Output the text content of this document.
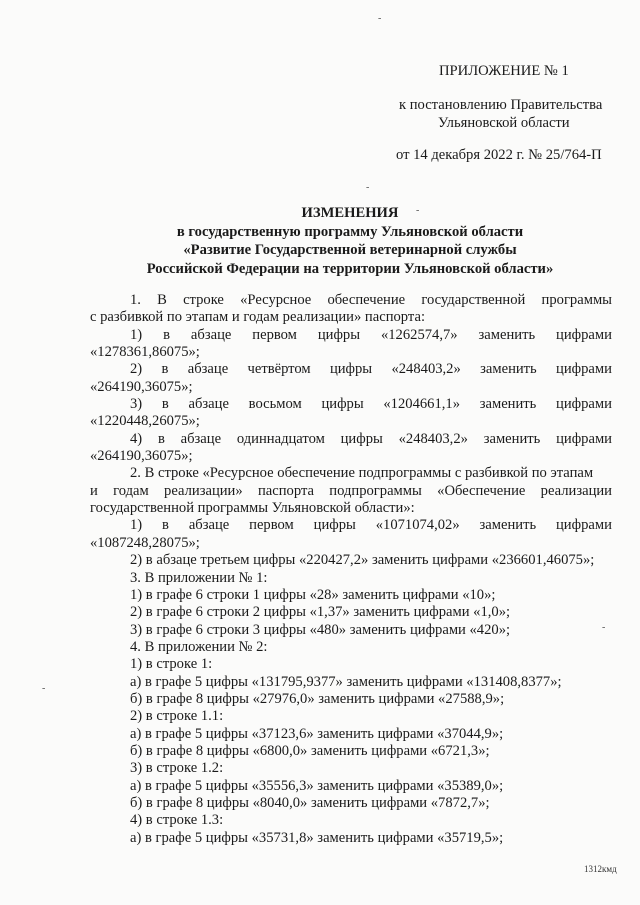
-
-
-
-
-
ПРИЛОЖЕНИЕ № 1
к постановлению Правительства
Ульяновской области
от 14 декабря 2022 г. № 25/764-П
ИЗМЕНЕНИЯ
в государственную программу Ульяновской области
«Развитие Государственной ветеринарной службы
Российской Федерации на территории Ульяновской области»
1. В строке «Ресурсное обеспечение государственной программы
с разбивкой по этапам и годам реализации» паспорта:
1) в абзаце первом цифры «1262574,7» заменить цифрами
«1278361,86075»;
2) в абзаце четвёртом цифры «248403,2» заменить цифрами
«264190,36075»;
3) в абзаце восьмом цифры «1204661,1» заменить цифрами
«1220448,26075»;
4) в абзаце одиннадцатом цифры «248403,2» заменить цифрами
«264190,36075»;
2. В строке «Ресурсное обеспечение подпрограммы с разбивкой по этапам
и годам реализации» паспорта подпрограммы «Обеспечение реализации
государственной программы Ульяновской области»:
1) в абзаце первом цифры «1071074,02» заменить цифрами
«1087248,28075»;
2) в абзаце третьем цифры «220427,2» заменить цифрами «236601,46075»;
3. В приложении № 1:
1) в графе 6 строки 1 цифры «28» заменить цифрами «10»;
2) в графе 6 строки 2 цифры «1,37» заменить цифрами «1,0»;
3) в графе 6 строки 3 цифры «480» заменить цифрами «420»;
4. В приложении № 2:
1) в строке 1:
а) в графе 5 цифры «131795,9377» заменить цифрами «131408,8377»;
б) в графе 8 цифры «27976,0» заменить цифрами «27588,9»;
2) в строке 1.1:
а) в графе 5 цифры «37123,6» заменить цифрами «37044,9»;
б) в графе 8 цифры «6800,0» заменить цифрами «6721,3»;
3) в строке 1.2:
а) в графе 5 цифры «35556,3» заменить цифрами «35389,0»;
б) в графе 8 цифры «8040,0» заменить цифрами «7872,7»;
4) в строке 1.3:
а) в графе 5 цифры «35731,8» заменить цифрами «35719,5»;
1312кмд
